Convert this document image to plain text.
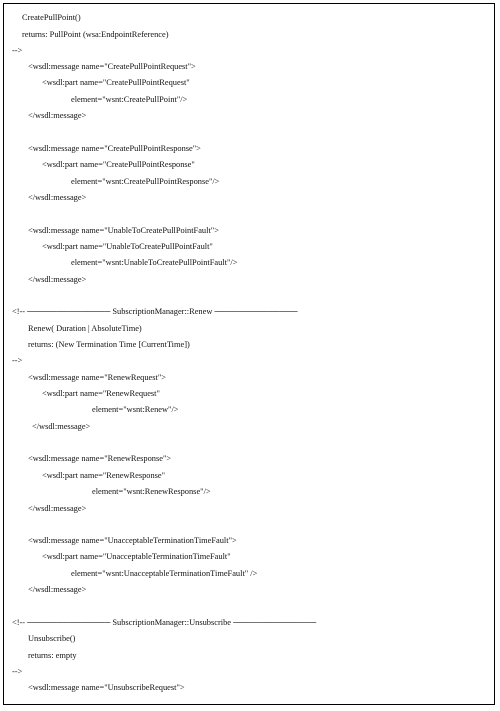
CreatePullPoint()
returns: PullPoint (wsa:EndpointReference)
-->
<wsdl:message name="CreatePullPointRequest">
<wsdl:part name="CreatePullPointRequest"
element="wsnt:CreatePullPoint"/>
</wsdl:message>
<wsdl:message name="CreatePullPointResponse">
<wsdl:part name="CreatePullPointResponse"
element="wsnt:CreatePullPointResponse"/>
</wsdl:message>
<wsdl:message name="UnableToCreatePullPointFault">
<wsdl:part name="UnableToCreatePullPointFault"
element="wsnt:UnableToCreatePullPointFault"/>
</wsdl:message>
<!-- ────────────── SubscriptionManager::Renew ──────────────
Renew( Duration | AbsoluteTime)
returns: (New Termination Time [CurrentTime])
-->
<wsdl:message name="RenewRequest">
<wsdl:part name="RenewRequest"
element="wsnt:Renew"/>
</wsdl:message>
<wsdl:message name="RenewResponse">
<wsdl:part name="RenewResponse"
element="wsnt:RenewResponse"/>
</wsdl:message>
<wsdl:message name="UnacceptableTerminationTimeFault">
<wsdl:part name="UnacceptableTerminationTimeFault"
element="wsnt:UnacceptableTerminationTimeFault" />
</wsdl:message>
<!-- ────────────── SubscriptionManager::Unsubscribe ──────────────
Unsubscribe()
returns: empty
-->
<wsdl:message name="UnsubscribeRequest">
